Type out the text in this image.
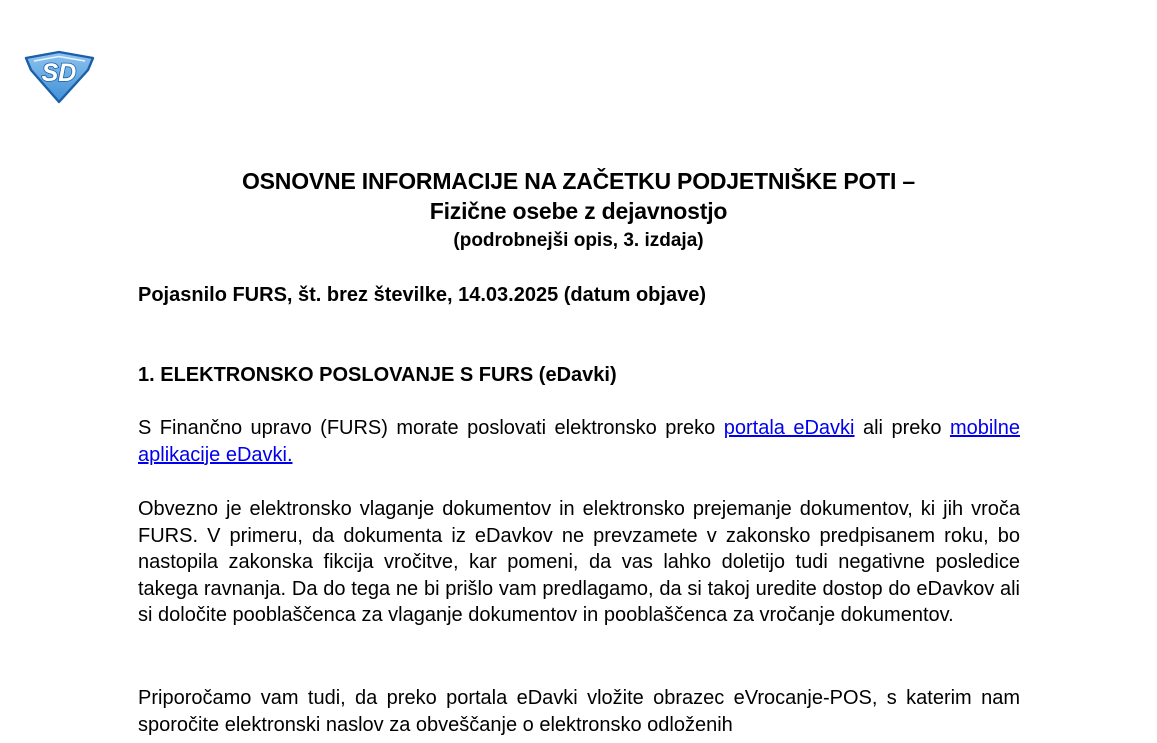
SD
OSNOVNE INFORMACIJE NA ZAČETKU PODJETNIŠKE POTI –
Fizične osebe z dejavnostjo
(podrobnejši opis, 3. izdaja)
Pojasnilo FURS, št. brez številke, 14.03.2025 (datum objave)
1. ELEKTRONSKO POSLOVANJE S FURS (eDavki)
S Finančno upravo (FURS) morate poslovati elektronsko preko portala eDavki ali preko mobilne aplikacije eDavki.
Obvezno je elektronsko vlaganje dokumentov in elektronsko prejemanje dokumentov, ki jih vroča FURS. V primeru, da dokumenta iz eDavkov ne prevzamete v zakonsko predpisanem roku, bo nastopila zakonska fikcija vročitve, kar pomeni, da vas lahko doletijo tudi negativne posledice takega ravnanja. Da do tega ne bi prišlo vam predlagamo, da si takoj uredite dostop do eDavkov ali si določite pooblaščenca za vlaganje dokumentov in pooblaščenca za vročanje dokumentov.
Priporočamo vam tudi, da preko portala eDavki vložite obrazec eVrocanje-POS, s katerim nam sporočite elektronski naslov za obveščanje o elektronsko odloženih
